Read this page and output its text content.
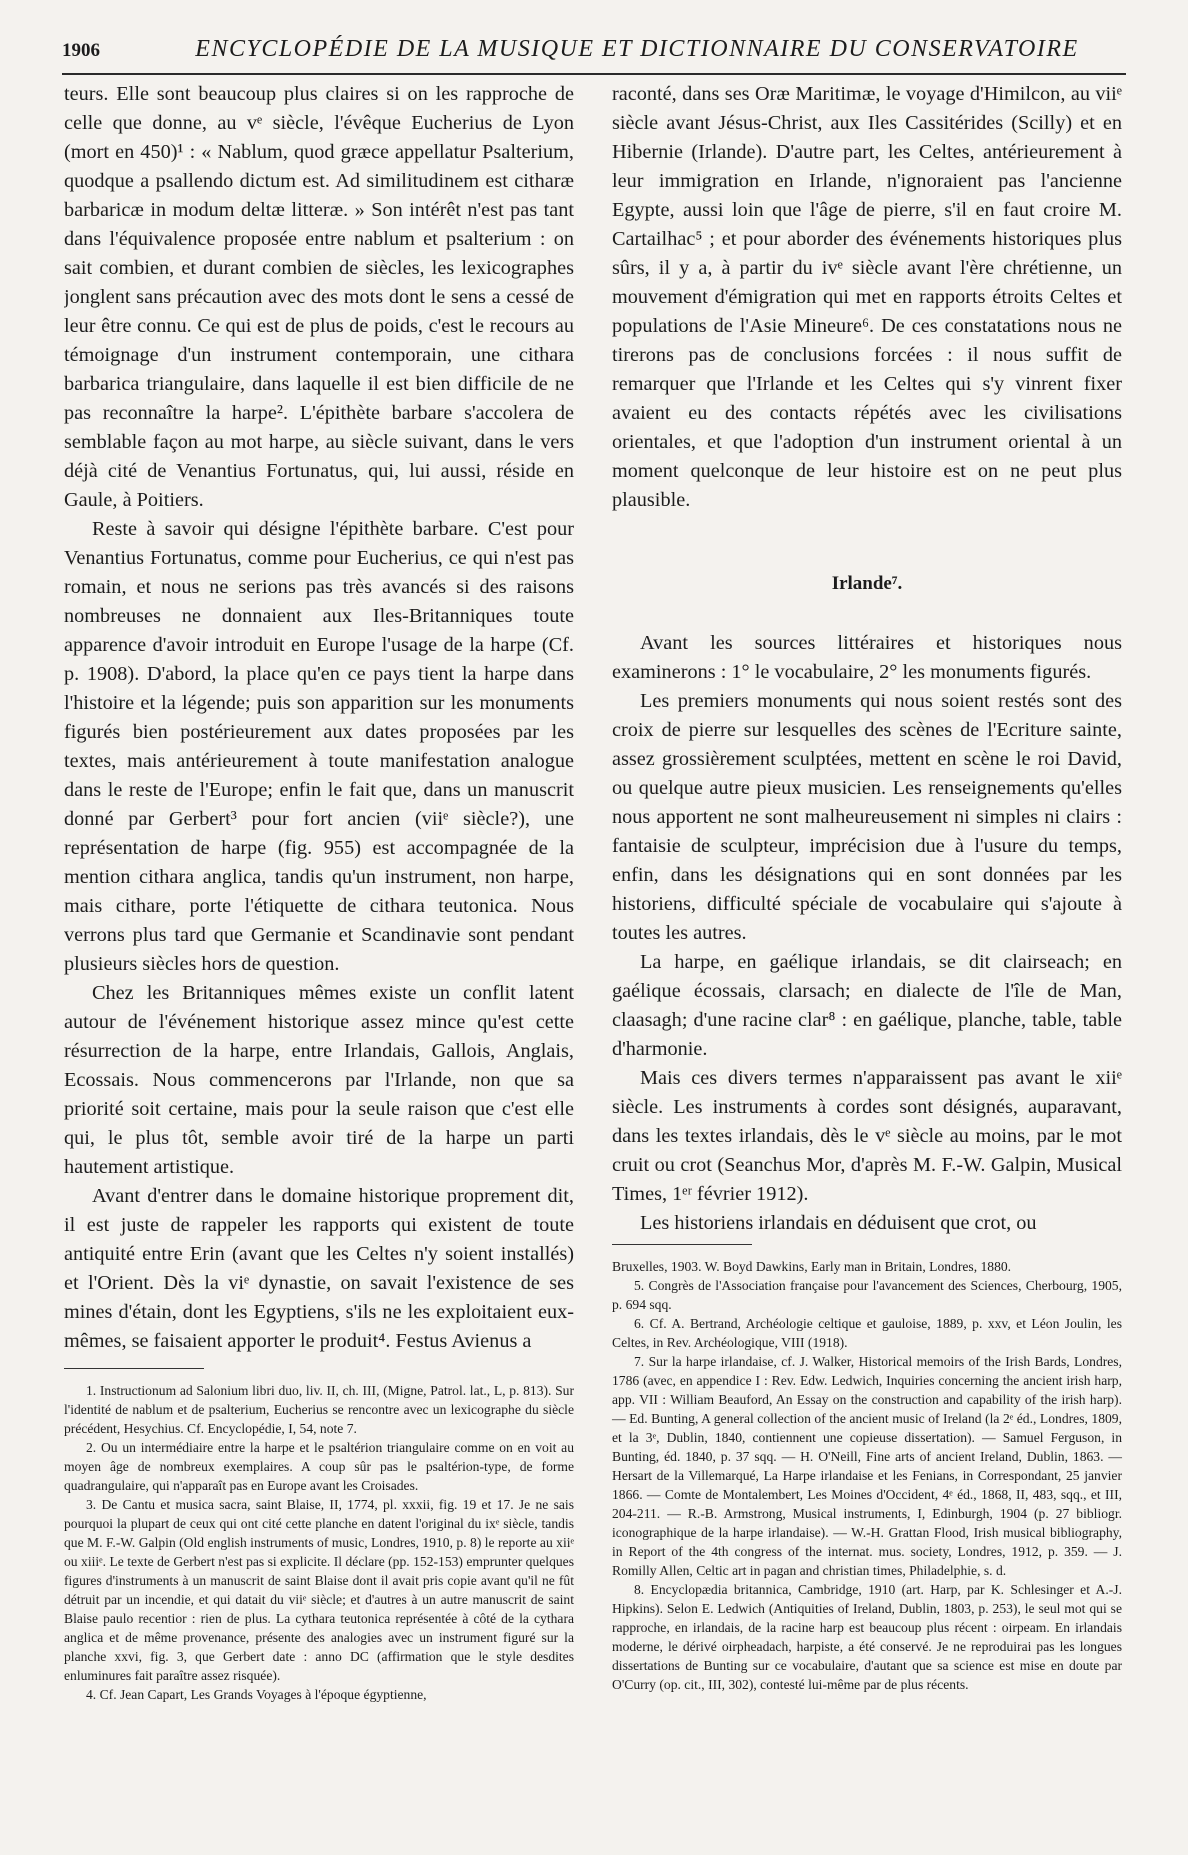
1906	ENCYCLOPÉDIE DE LA MUSIQUE ET DICTIONNAIRE DU CONSERVATOIRE

teurs. Elle sont beaucoup plus claires si on les rapproche de celle que donne, au vᵉ siècle, l'évêque Eucherius de Lyon (mort en 450)¹ : « Nablum, quod græce appellatur Psalterium, quodque a psallendo dictum est. Ad similitudinem est citharæ barbaricæ in modum deltæ litteræ. » Son intérêt n'est pas tant dans l'équivalence proposée entre nablum et psalterium : on sait combien, et durant combien de siècles, les lexicographes jonglent sans précaution avec des mots dont le sens a cessé de leur être connu. Ce qui est de plus de poids, c'est le recours au témoignage d'un instrument contemporain, une cithara barbarica triangulaire, dans laquelle il est bien difficile de ne pas reconnaître la harpe². L'épithète barbare s'accolera de semblable façon au mot harpe, au siècle suivant, dans le vers déjà cité de Venantius Fortunatus, qui, lui aussi, réside en Gaule, à Poitiers.

Reste à savoir qui désigne l'épithète barbare. C'est pour Venantius Fortunatus, comme pour Eucherius, ce qui n'est pas romain, et nous ne serions pas très avancés si des raisons nombreuses ne donnaient aux Iles-Britanniques toute apparence d'avoir introduit en Europe l'usage de la harpe (Cf. p. 1908). D'abord, la place qu'en ce pays tient la harpe dans l'histoire et la légende; puis son apparition sur les monuments figurés bien postérieurement aux dates proposées par les textes, mais antérieurement à toute manifestation analogue dans le reste de l'Europe; enfin le fait que, dans un manuscrit donné par Gerbert³ pour fort ancien (viiᵉ siècle?), une représentation de harpe (fig. 955) est accompagnée de la mention cithara anglica, tandis qu'un instrument, non harpe, mais cithare, porte l'étiquette de cithara teutonica. Nous verrons plus tard que Germanie et Scandinavie sont pendant plusieurs siècles hors de question.

Chez les Britanniques mêmes existe un conflit latent autour de l'événement historique assez mince qu'est cette résurrection de la harpe, entre Irlandais, Gallois, Anglais, Ecossais. Nous commencerons par l'Irlande, non que sa priorité soit certaine, mais pour la seule raison que c'est elle qui, le plus tôt, semble avoir tiré de la harpe un parti hautement artistique.

Avant d'entrer dans le domaine historique proprement dit, il est juste de rappeler les rapports qui existent de toute antiquité entre Erin (avant que les Celtes n'y soient installés) et l'Orient. Dès la viᵉ dynastie, on savait l'existence de ses mines d'étain, dont les Egyptiens, s'ils ne les exploitaient eux-mêmes, se faisaient apporter le produit⁴. Festus Avienus a

1. Instructionum ad Salonium libri duo, liv. II, ch. III, (Migne, Patrol. lat., L, p. 813). Sur l'identité de nablum et de psalterium, Eucherius se rencontre avec un lexicographe du siècle précédent, Hesychius. Cf. Encyclopédie, I, 54, note 7.

2. Ou un intermédiaire entre la harpe et le psaltérion triangulaire comme on en voit au moyen âge de nombreux exemplaires. A coup sûr pas le psaltérion-type, de forme quadrangulaire, qui n'apparaît pas en Europe avant les Croisades.

3. De Cantu et musica sacra, saint Blaise, II, 1774, pl. xxxii, fig. 19 et 17. Je ne sais pourquoi la plupart de ceux qui ont cité cette planche en datent l'original du ixᵉ siècle, tandis que M. F.-W. Galpin (Old english instruments of music, Londres, 1910, p. 8) le reporte au xiiᵉ ou xiiiᵉ. Le texte de Gerbert n'est pas si explicite. Il déclare (pp. 152-153) emprunter quelques figures d'instruments à un manuscrit de saint Blaise dont il avait pris copie avant qu'il ne fût détruit par un incendie, et qui datait du viiᵉ siècle; et d'autres à un autre manuscrit de saint Blaise paulo recentior : rien de plus. La cythara teutonica représentée à côté de la cythara anglica et de même provenance, présente des analogies avec un instrument figuré sur la planche xxvi, fig. 3, que Gerbert date : anno DC (affirmation que le style desdites enluminures fait paraître assez risquée).

4. Cf. Jean Capart, Les Grands Voyages à l'époque égyptienne,

raconté, dans ses Oræ Maritimæ, le voyage d'Himilcon, au viiᵉ siècle avant Jésus-Christ, aux Iles Cassitérides (Scilly) et en Hibernie (Irlande). D'autre part, les Celtes, antérieurement à leur immigration en Irlande, n'ignoraient pas l'ancienne Egypte, aussi loin que l'âge de pierre, s'il en faut croire M. Cartailhac⁵ ; et pour aborder des événements historiques plus sûrs, il y a, à partir du ivᵉ siècle avant l'ère chrétienne, un mouvement d'émigration qui met en rapports étroits Celtes et populations de l'Asie Mineure⁶. De ces constatations nous ne tirerons pas de conclusions forcées : il nous suffit de remarquer que l'Irlande et les Celtes qui s'y vinrent fixer avaient eu des contacts répétés avec les civilisations orientales, et que l'adoption d'un instrument oriental à un moment quelconque de leur histoire est on ne peut plus plausible.

Irlande⁷.

Avant les sources littéraires et historiques nous examinerons : 1° le vocabulaire, 2° les monuments figurés.

Les premiers monuments qui nous soient restés sont des croix de pierre sur lesquelles des scènes de l'Ecriture sainte, assez grossièrement sculptées, mettent en scène le roi David, ou quelque autre pieux musicien. Les renseignements qu'elles nous apportent ne sont malheureusement ni simples ni clairs : fantaisie de sculpteur, imprécision due à l'usure du temps, enfin, dans les désignations qui en sont données par les historiens, difficulté spéciale de vocabulaire qui s'ajoute à toutes les autres.

La harpe, en gaélique irlandais, se dit clairseach; en gaélique écossais, clarsach; en dialecte de l'île de Man, claasagh; d'une racine clar⁸ : en gaélique, planche, table, table d'harmonie.

Mais ces divers termes n'apparaissent pas avant le xiiᵉ siècle. Les instruments à cordes sont désignés, auparavant, dans les textes irlandais, dès le vᵉ siècle au moins, par le mot cruit ou crot (Seanchus Mor, d'après M. F.-W. Galpin, Musical Times, 1ᵉʳ février 1912).

Les historiens irlandais en déduisent que crot, ou

Bruxelles, 1903. W. Boyd Dawkins, Early man in Britain, Londres, 1880.

5. Congrès de l'Association française pour l'avancement des Sciences, Cherbourg, 1905, p. 694 sqq.

6. Cf. A. Bertrand, Archéologie celtique et gauloise, 1889, p. xxv, et Léon Joulin, les Celtes, in Rev. Archéologique, VIII (1918).

7. Sur la harpe irlandaise, cf. J. Walker, Historical memoirs of the Irish Bards, Londres, 1786 (avec, en appendice I : Rev. Edw. Ledwich, Inquiries concerning the ancient irish harp, app. VII : William Beauford, An Essay on the construction and capability of the irish harp). — Ed. Bunting, A general collection of the ancient music of Ireland (la 2ᵉ éd., Londres, 1809, et la 3ᵉ, Dublin, 1840, contiennent une copieuse dissertation). — Samuel Ferguson, in Bunting, éd. 1840, p. 37 sqq. — H. O'Neill, Fine arts of ancient Ireland, Dublin, 1863. — Hersart de la Villemarqué, La Harpe irlandaise et les Fenians, in Correspondant, 25 janvier 1866. — Comte de Montalembert, Les Moines d'Occident, 4ᵉ éd., 1868, II, 483, sqq., et III, 204-211. — R.-B. Armstrong, Musical instruments, I, Edinburgh, 1904 (p. 27 bibliogr. iconographique de la harpe irlandaise). — W.-H. Grattan Flood, Irish musical bibliography, in Report of the 4th congress of the internat. mus. society, Londres, 1912, p. 359. — J. Romilly Allen, Celtic art in pagan and christian times, Philadelphie, s. d.

8. Encyclopædia britannica, Cambridge, 1910 (art. Harp, par K. Schlesinger et A.-J. Hipkins). Selon E. Ledwich (Antiquities of Ireland, Dublin, 1803, p. 253), le seul mot qui se rapproche, en irlandais, de la racine harp est beaucoup plus récent : oirpeam. En irlandais moderne, le dérivé oirphеadach, harpiste, a été conservé. Je ne reproduirai pas les longues dissertations de Bunting sur ce vocabulaire, d'autant que sa science est mise en doute par O'Curry (op. cit., III, 302), contesté lui-même par de plus récents.
